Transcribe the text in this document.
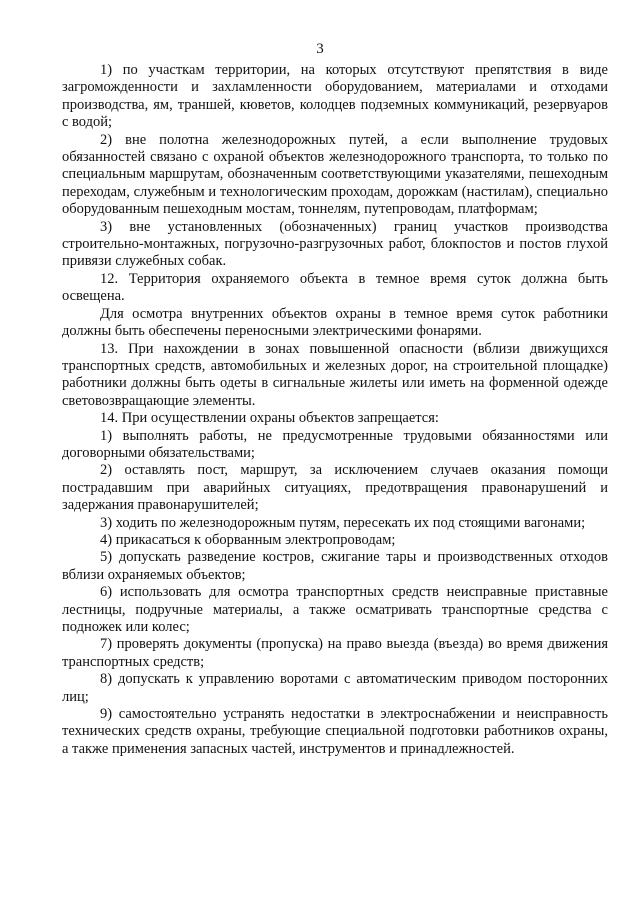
3

1) по участкам территории, на которых отсутствуют препятствия в виде загроможденности и захламленности оборудованием, материалами и отходами производства, ям, траншей, кюветов, колодцев подземных коммуникаций, резервуаров с водой;

2) вне полотна железнодорожных путей, а если выполнение трудовых обязанностей связано с охраной объектов железнодорожного транспорта, то только по специальным маршрутам, обозначенным соответствующими указателями, пешеходным переходам, служебным и технологическим проходам, дорожкам (настилам), специально оборудованным пешеходным мостам, тоннелям, путепроводам, платформам;

3) вне установленных (обозначенных) границ участков производства строительно-монтажных, погрузочно-разгрузочных работ, блокпостов и постов глухой привязи служебных собак.

12. Территория охраняемого объекта в темное время суток должна быть освещена.

Для осмотра внутренних объектов охраны в темное время суток работники должны быть обеспечены переносными электрическими фонарями.

13. При нахождении в зонах повышенной опасности (вблизи движущихся транспортных средств, автомобильных и железных дорог, на строительной площадке) работники должны быть одеты в сигнальные жилеты или иметь на форменной одежде световозвращающие элементы.

14. При осуществлении охраны объектов запрещается:

1) выполнять работы, не предусмотренные трудовыми обязанностями или договорными обязательствами;

2) оставлять пост, маршрут, за исключением случаев оказания помощи пострадавшим при аварийных ситуациях, предотвращения правонарушений и задержания правонарушителей;

3) ходить по железнодорожным путям, пересекать их под стоящими вагонами;

4) прикасаться к оборванным электропроводам;

5) допускать разведение костров, сжигание тары и производственных отходов вблизи охраняемых объектов;

6) использовать для осмотра транспортных средств неисправные приставные лестницы, подручные материалы, а также осматривать транспортные средства с подножек или колес;

7) проверять документы (пропуска) на право выезда (въезда) во время движения транспортных средств;

8) допускать к управлению воротами с автоматическим приводом посторонних лиц;

9) самостоятельно устранять недостатки в электроснабжении и неисправность технических средств охраны, требующие специальной подготовки работников охраны, а также применения запасных частей, инструментов и принадлежностей.
